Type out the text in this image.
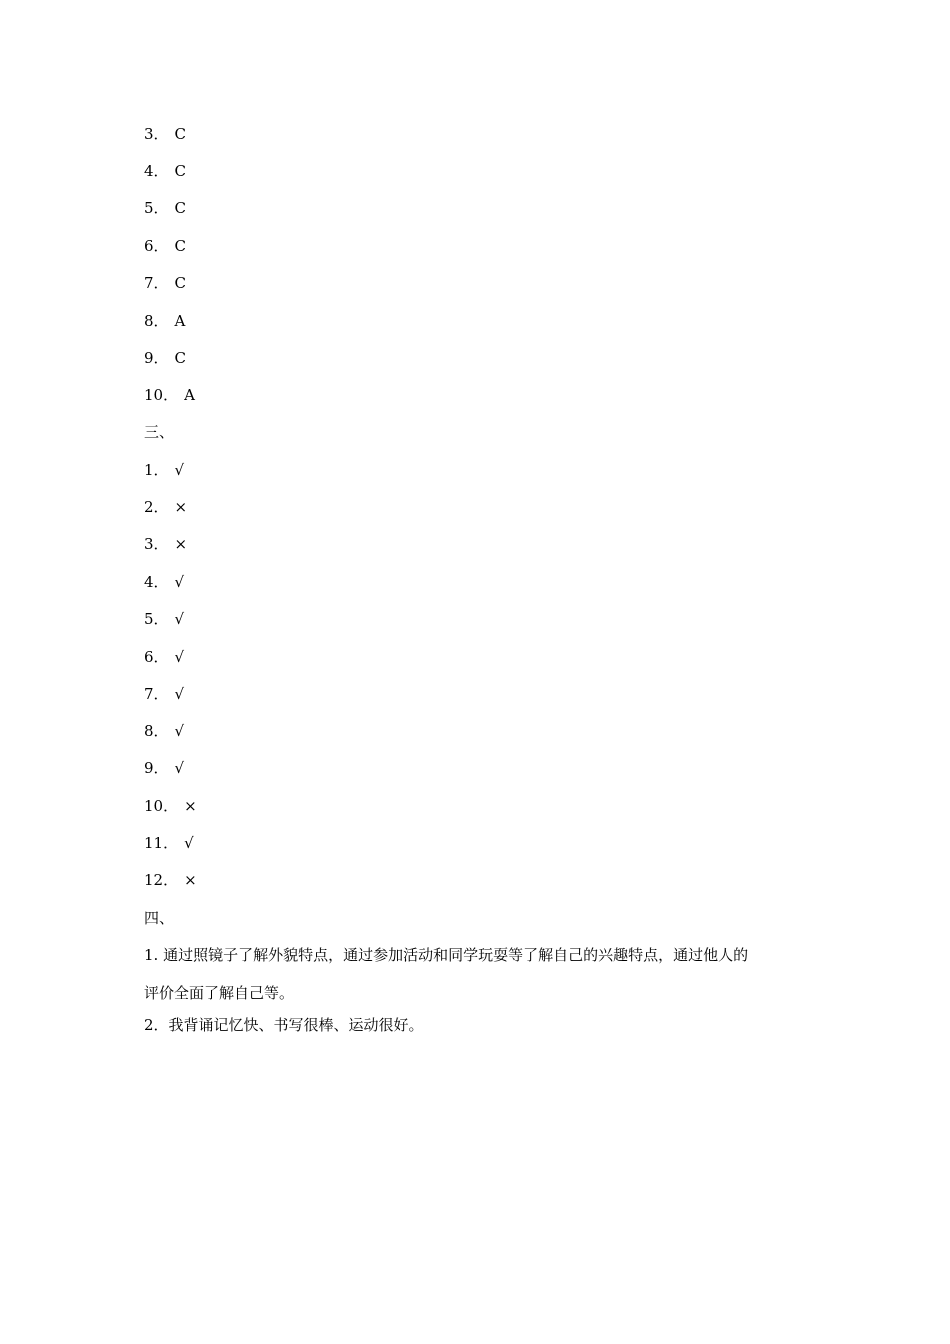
3． C
4． C
5． C
6． C
7． C
8． A
9． C
10． A
三、
1． √
2． ×
3． ×
4． √
5． √
6． √
7． √
8． √
9． √
10． ×
11． √
12． ×
四、
1. 通过照镜子了解外貌特点，通过参加活动和同学玩耍等了解自己的兴趣特点，通过他人的
评价全面了解自己等。
2．我背诵记忆快、书写很棒、运动很好。
